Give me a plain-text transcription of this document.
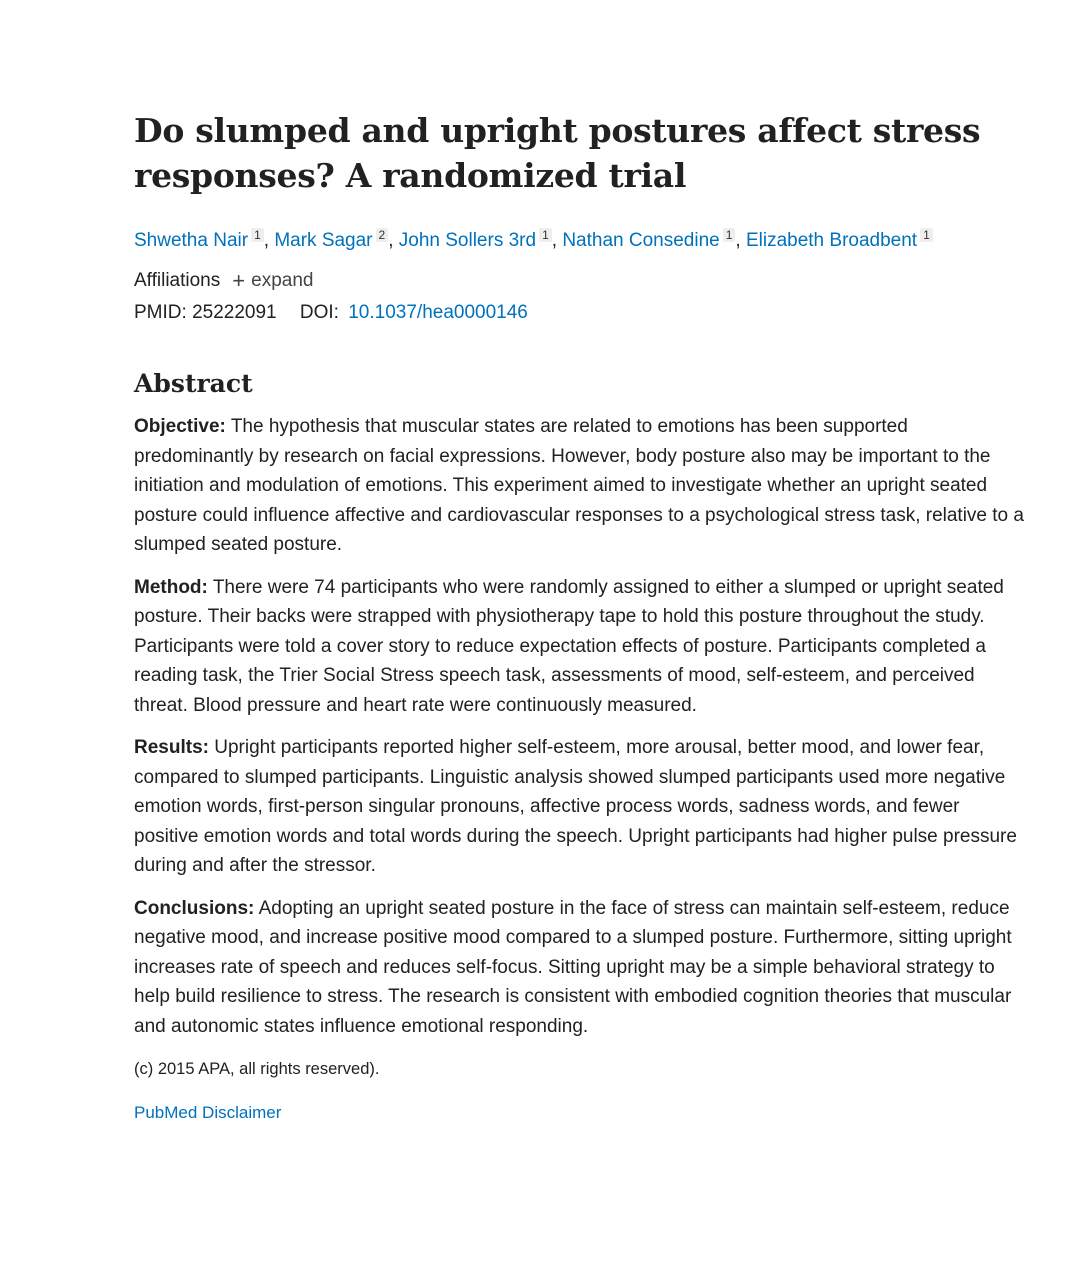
Do slumped and upright postures affect stress responses? A randomized trial
Shwetha Nair $^1$ , Mark Sagar $^2$ , John Sollers 3rd $^1$ , Nathan Consedine $^1$ , Elizabeth Broadbent $^1$
Affiliations + expand
PMID: 25222091 DOI: 10.1037/hea0000146
Abstract

Objective: The hypothesis that muscular states are related to emotions has been supported predominantly by research on facial expressions. However, body posture also may be important to the initiation and modulation of emotions. This experiment aimed to investigate whether an upright seated posture could influence affective and cardiovascular responses to a psychological stress task, relative to a slumped seated posture.

Method: There were 74 participants who were randomly assigned to either a slumped or upright seated posture. Their backs were strapped with physiotherapy tape to hold this posture throughout the study. Participants were told a cover story to reduce expectation effects of posture. Participants completed a reading task, the Trier Social Stress speech task, assessments of mood, self-esteem, and perceived threat. Blood pressure and heart rate were continuously measured.

Results: Upright participants reported higher self-esteem, more arousal, better mood, and lower fear, compared to slumped participants. Linguistic analysis showed slumped participants used more negative emotion words, first-person singular pronouns, affective process words, sadness words, and fewer positive emotion words and total words during the speech. Upright participants had higher pulse pressure during and after the stressor.

Conclusions: Adopting an upright seated posture in the face of stress can maintain self-esteem, reduce negative mood, and increase positive mood compared to a slumped posture. Furthermore, sitting upright increases rate of speech and reduces self-focus. Sitting upright may be a simple behavioral strategy to help build resilience to stress. The research is consistent with embodied cognition theories that muscular and autonomic states influence emotional responding.

(c) 2015 APA, all rights reserved).
PubMed Disclaimer
